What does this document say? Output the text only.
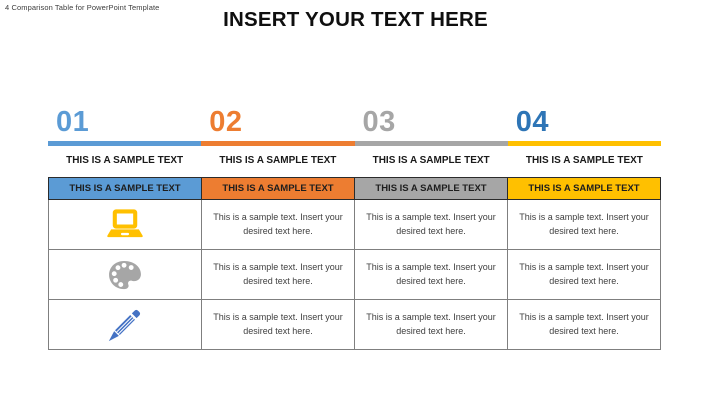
4 Comparison Table for PowerPoint Template
INSERT YOUR TEXT HERE
01	02	03	04
THIS IS A SAMPLE TEXT	THIS IS A SAMPLE TEXT	THIS IS A SAMPLE TEXT	THIS IS A SAMPLE TEXT
THIS IS A SAMPLE TEXT	THIS IS A SAMPLE TEXT	THIS IS A SAMPLE TEXT	THIS IS A SAMPLE TEXT

	This is a sample text. Insert your desired text here.	This is a sample text. Insert your desired text here.	This is a sample text. Insert your desired text here.

	This is a sample text. Insert your desired text here.	This is a sample text. Insert your desired text here.	This is a sample text. Insert your desired text here.

	This is a sample text. Insert your desired text here.	This is a sample text. Insert your desired text here.	This is a sample text. Insert your desired text here.
